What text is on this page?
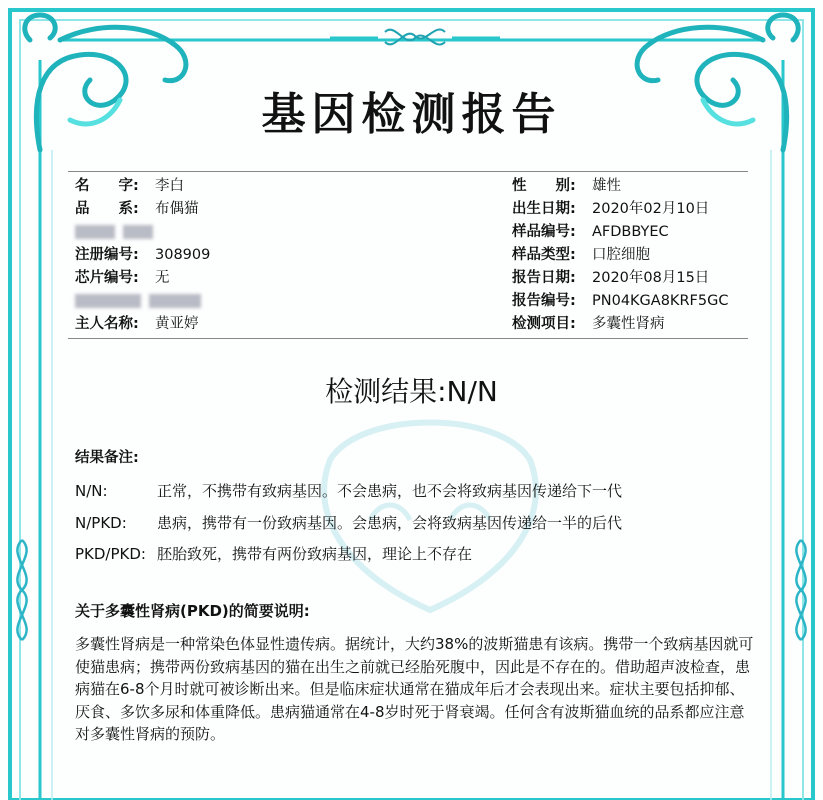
基因检测报告
名　　字: 李白
品　　系: 布偶猫
注册编号: 308909
芯片编号: 无
主人名称: 黄亚婷
性　　别: 雄性
出生日期: 2020年02月10日
样品编号: AFDBBYEC
样品类型: 口腔细胞
报告日期: 2020年08月15日
报告编号: PN04KGA8KRF5GC
检测项目: 多囊性肾病
检测结果:N/N
结果备注:
N/N:	正常，不携带有致病基因。不会患病，也不会将致病基因传递给下一代
N/PKD: 患病，携带有一份致病基因。会患病，会将致病基因传递给一半的后代
PKD/PKD: 胚胎致死，携带有两份致病基因，理论上不存在
关于多囊性肾病(PKD)的简要说明:
多囊性肾病是一种常染色体显性遗传病。据统计，大约38%的波斯猫患有该病。携带一个致病基因就可使猫患病；携带两份致病基因的猫在出生之前就已经胎死腹中，因此是不存在的。借助超声波检查，患病猫在6-8个月时就可被诊断出来。但是临床症状通常在猫成年后才会表现出来。症状主要包括抑郁、厌食、多饮多尿和体重降低。患病猫通常在4-8岁时死于肾衰竭。任何含有波斯猫血统的品系都应注意对多囊性肾病的预防。
